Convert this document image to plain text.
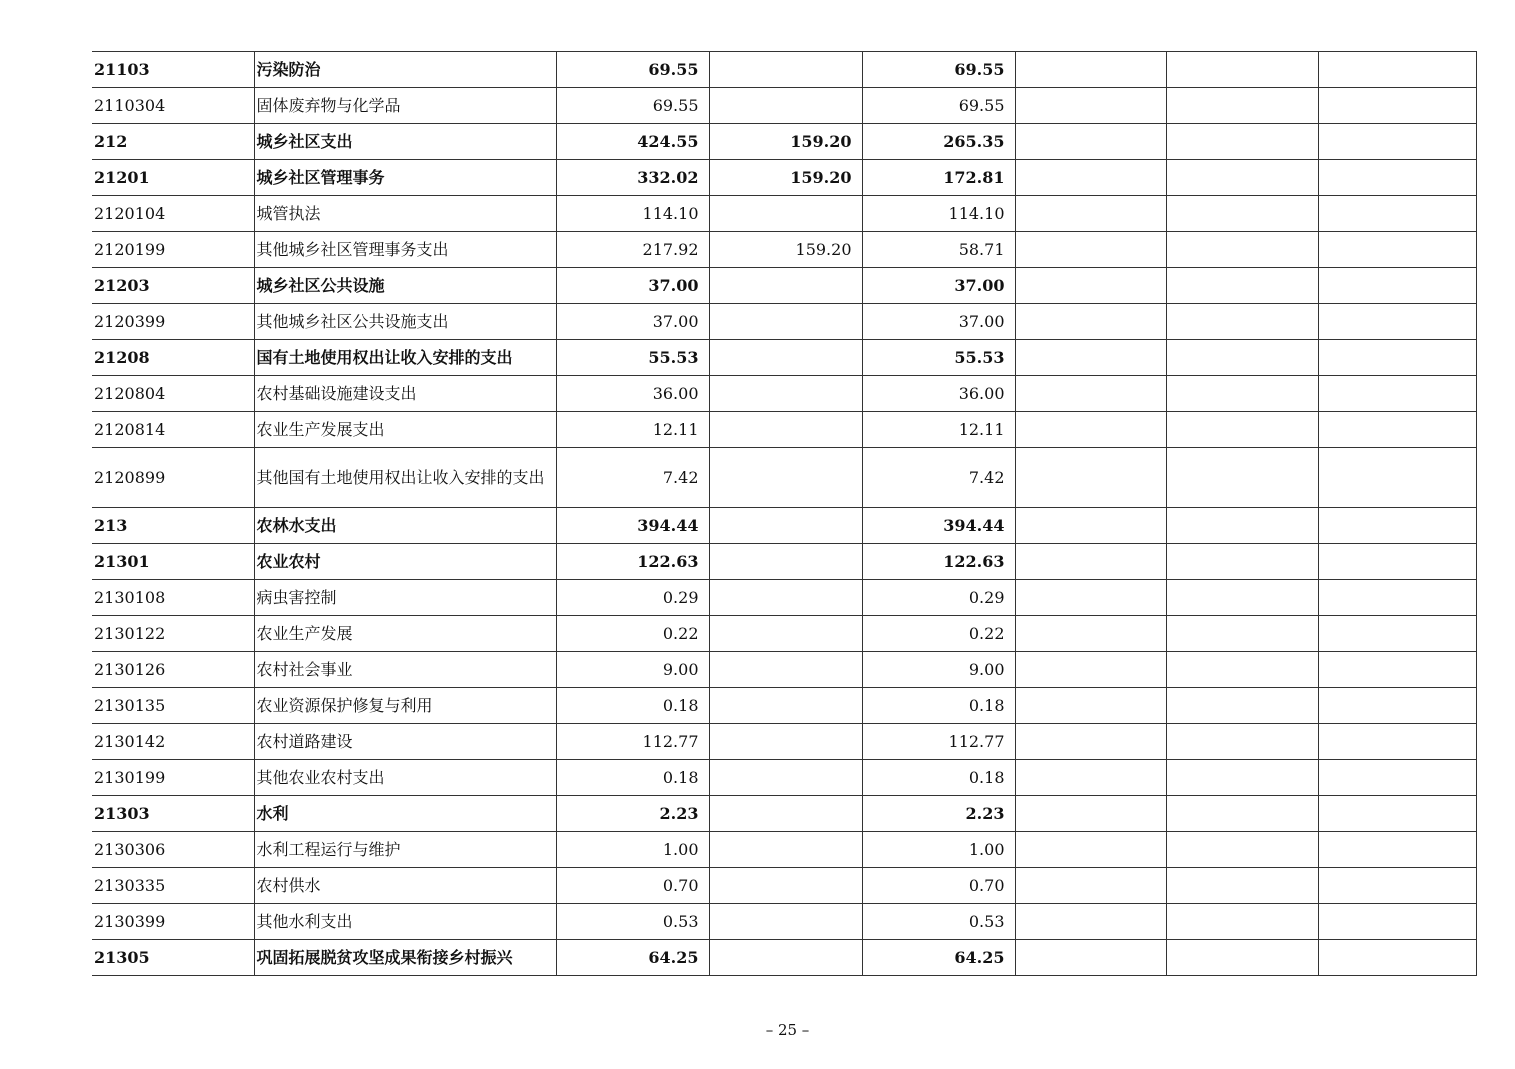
21103	污染防治	69.55		69.55			
2110304	固体废弃物与化学品	69.55		69.55			
212	城乡社区支出	424.55	159.20	265.35			
21201	城乡社区管理事务	332.02	159.20	172.81			
2120104	城管执法	114.10		114.10			
2120199	其他城乡社区管理事务支出	217.92	159.20	58.71			
21203	城乡社区公共设施	37.00		37.00			
2120399	其他城乡社区公共设施支出	37.00		37.00			
21208	国有土地使用权出让收入安排的支出	55.53		55.53			
2120804	农村基础设施建设支出	36.00		36.00			
2120814	农业生产发展支出	12.11		12.11			
2120899	其他国有土地使用权出让收入安排的支出	7.42		7.42			
213	农林水支出	394.44		394.44			
21301	农业农村	122.63		122.63			
2130108	病虫害控制	0.29		0.29			
2130122	农业生产发展	0.22		0.22			
2130126	农村社会事业	9.00		9.00			
2130135	农业资源保护修复与利用	0.18		0.18			
2130142	农村道路建设	112.77		112.77			
2130199	其他农业农村支出	0.18		0.18			
21303	水利	2.23		2.23			
2130306	水利工程运行与维护	1.00		1.00			
2130335	农村供水	0.70		0.70			
2130399	其他水利支出	0.53		0.53			
21305	巩固拓展脱贫攻坚成果衔接乡村振兴	64.25		64.25			
– 25 –
